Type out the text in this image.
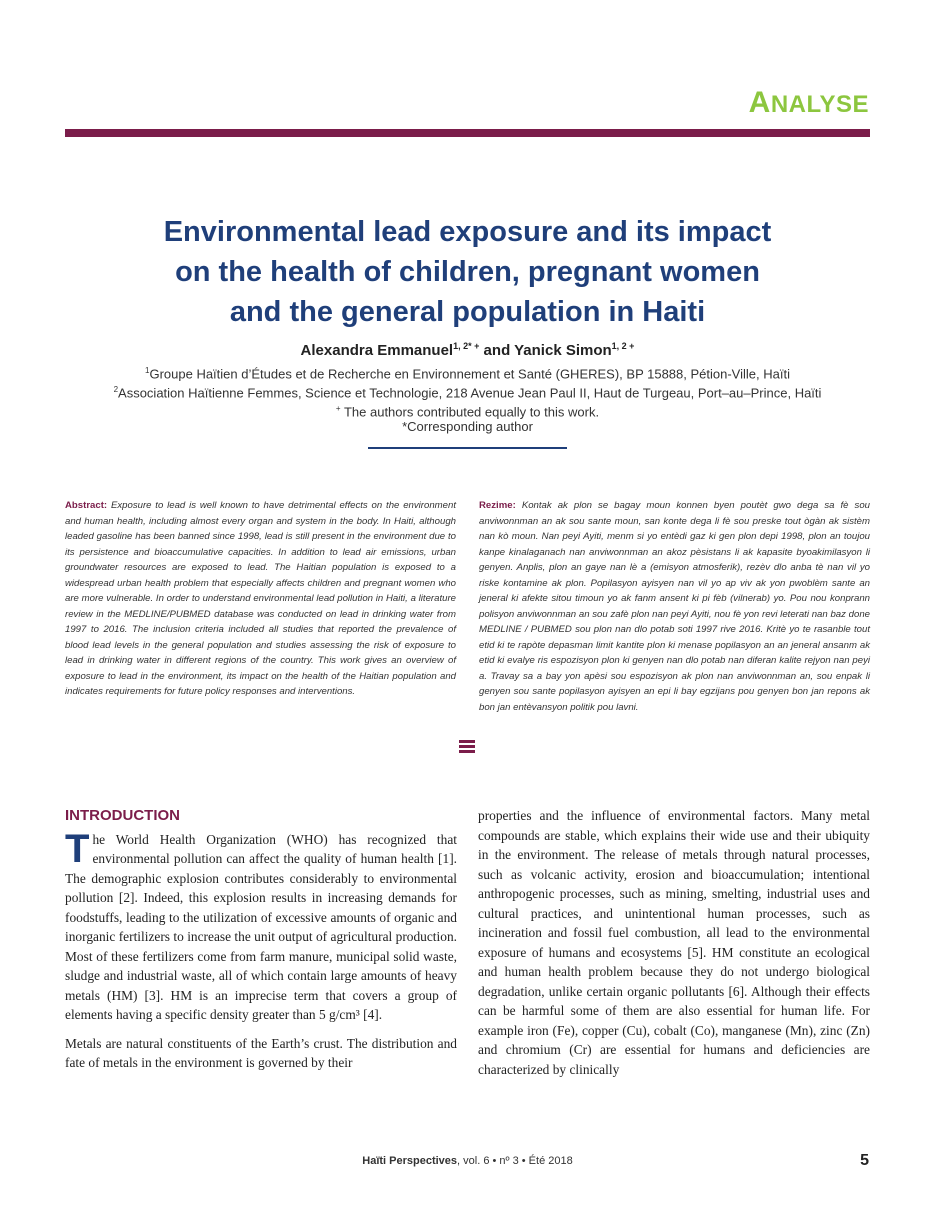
ANALYSE
Environmental lead exposure and its impact
on the health of children, pregnant women
and the general population in Haiti
Alexandra Emmanuel$^{1, 2* +}$ and Yanick Simon$^{1, 2 +}$
$^1$Groupe Haïtien d’Études et de Recherche en Environnement et Santé (GHERES), BP 15888, Pétion-Ville, Haïti
$^2$Association Haïtienne Femmes, Science et Technologie, 218 Avenue Jean Paul II, Haut de Turgeau, Port–au–Prince, Haïti
+ The authors contributed equally to this work.
*Corresponding author
Abstract: Exposure to lead is well known to have detrimental effects on the environment and human health, including almost every organ and system in the body. In Haiti, although leaded gasoline has been banned since 1998, lead is still present in the environment due to its persistence and bioaccumulative capacities. In addition to lead air emissions, urban groundwater resources are exposed to lead. The Haitian population is exposed to a widespread urban health problem that especially affects children and pregnant women who are more vulnerable. In order to understand environmental lead pollution in Haiti, a literature review in the MEDLINE/PUBMED database was conducted on lead in drinking water from 1997 to 2016. The inclusion criteria included all studies that reported the prevalence of blood lead levels in the general population and studies assessing the risk of exposure to lead in drinking water in different regions of the country. This work gives an overview of exposure to lead in the environment, its impact on the health of the Haitian population and indicates requirements for future policy responses and interventions.
Rezime: Kontak ak plon se bagay moun konnen byen poutèt gwo dega sa fè sou anviwonnman an ak sou sante moun, san konte dega li fè sou preske tout ògàn ak sistèm nan kò moun. Nan peyi Ayiti, menm si yo entèdi gaz ki gen plon depi 1998, plon an toujou kanpe kinalaganach nan anviwonnman an akoz pèsistans li ak kapasite byoakimilasyon li genyen. Anplis, plon an gaye nan lè a (emisyon atmosferik), rezèv dlo anba tè nan vil yo riske kontamine ak plon. Popilasyon ayisyen nan vil yo ap viv ak yon pwoblèm sante an jeneral ki afekte sitou timoun yo ak fanm ansent ki pi fèb (vilnerab) yo. Pou nou konprann polisyon anviwonnman an sou zafè plon nan peyi Ayiti, nou fè yon revi leterati nan baz done MEDLINE / PUBMED sou plon nan dlo potab soti 1997 rive 2016. Kritè yo te rasanble tout etid ki te rapòte depasman limit kantite plon ki menase popilasyon an an jeneral ansanm ak etid ki evalye ris espozisyon plon ki genyen nan dlo potab nan diferan kalite rejyon nan peyi a. Travay sa a bay yon apèsi sou espozisyon ak plon nan anviwonnman an, sou enpak li genyen sou sante popilasyon ayisyen an epi li bay egzijans pou genyen bon jan repons ak bon jan entèvansyon politik pou lavni.
INTRODUCTION

The World Health Organization (WHO) has recognized that environmental pollution can affect the quality of human health [1]. The demographic explosion contributes considerably to environmental pollution [2]. Indeed, this explosion results in increasing demands for foodstuffs, leading to the utilization of excessive amounts of organic and inorganic fertilizers to increase the unit output of agricultural production. Most of these fertilizers come from farm manure, municipal solid waste, sludge and industrial waste, all of which contain large amounts of heavy metals (HM) [3]. HM is an imprecise term that covers a group of elements having a specific density greater than 5 g/cm³ [4].

Metals are natural constituents of the Earth’s crust. The distribution and fate of metals in the environment is governed by their

properties and the influence of environmental factors. Many metal compounds are stable, which explains their wide use and their ubiquity in the environment. The release of metals through natural processes, such as volcanic activity, erosion and bioaccumulation; intentional anthropogenic processes, such as mining, smelting, industrial uses and cultural practices, and unintentional human processes, such as incineration and fossil fuel combustion, all lead to the environmental exposure of humans and ecosystems [5]. HM constitute an ecological and human health problem because they do not undergo biological degradation, unlike certain organic pollutants [6]. Although their effects can be harmful some of them are also essential for human life. For example iron (Fe), copper (Cu), cobalt (Co), manganese (Mn), zinc (Zn) and chromium (Cr) are essential for humans and deficiencies are characterized by clinically

Haïti Perspectives, vol. 6 • nº 3 • Été 2018	5
